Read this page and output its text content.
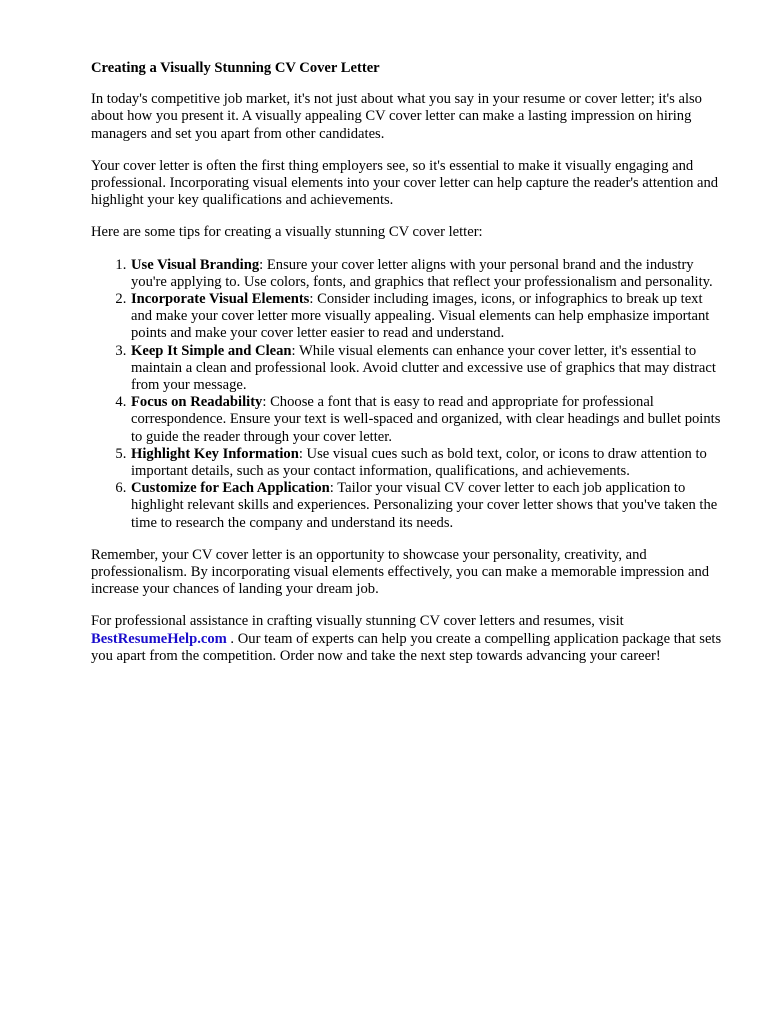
Creating a Visually Stunning CV Cover Letter

In today's competitive job market, it's not just about what you say in your resume or cover letter; it's also about how you present it. A visually appealing CV cover letter can make a lasting impression on hiring managers and set you apart from other candidates.

Your cover letter is often the first thing employers see, so it's essential to make it visually engaging and professional. Incorporating visual elements into your cover letter can help capture the reader's attention and highlight your key qualifications and achievements.

Here are some tips for creating a visually stunning CV cover letter:

1. Use Visual Branding: Ensure your cover letter aligns with your personal brand and the industry you're applying to. Use colors, fonts, and graphics that reflect your professionalism and personality.
2. Incorporate Visual Elements: Consider including images, icons, or infographics to break up text and make your cover letter more visually appealing. Visual elements can help emphasize important points and make your cover letter easier to read and understand.
3. Keep It Simple and Clean: While visual elements can enhance your cover letter, it's essential to maintain a clean and professional look. Avoid clutter and excessive use of graphics that may distract from your message.
4. Focus on Readability: Choose a font that is easy to read and appropriate for professional correspondence. Ensure your text is well-spaced and organized, with clear headings and bullet points to guide the reader through your cover letter.
5. Highlight Key Information: Use visual cues such as bold text, color, or icons to draw attention to important details, such as your contact information, qualifications, and achievements.
6. Customize for Each Application: Tailor your visual CV cover letter to each job application to highlight relevant skills and experiences. Personalizing your cover letter shows that you've taken the time to research the company and understand its needs.

Remember, your CV cover letter is an opportunity to showcase your personality, creativity, and professionalism. By incorporating visual elements effectively, you can make a memorable impression and increase your chances of landing your dream job.

For professional assistance in crafting visually stunning CV cover letters and resumes, visit BestResumeHelp.com . Our team of experts can help you create a compelling application package that sets you apart from the competition. Order now and take the next step towards advancing your career!
